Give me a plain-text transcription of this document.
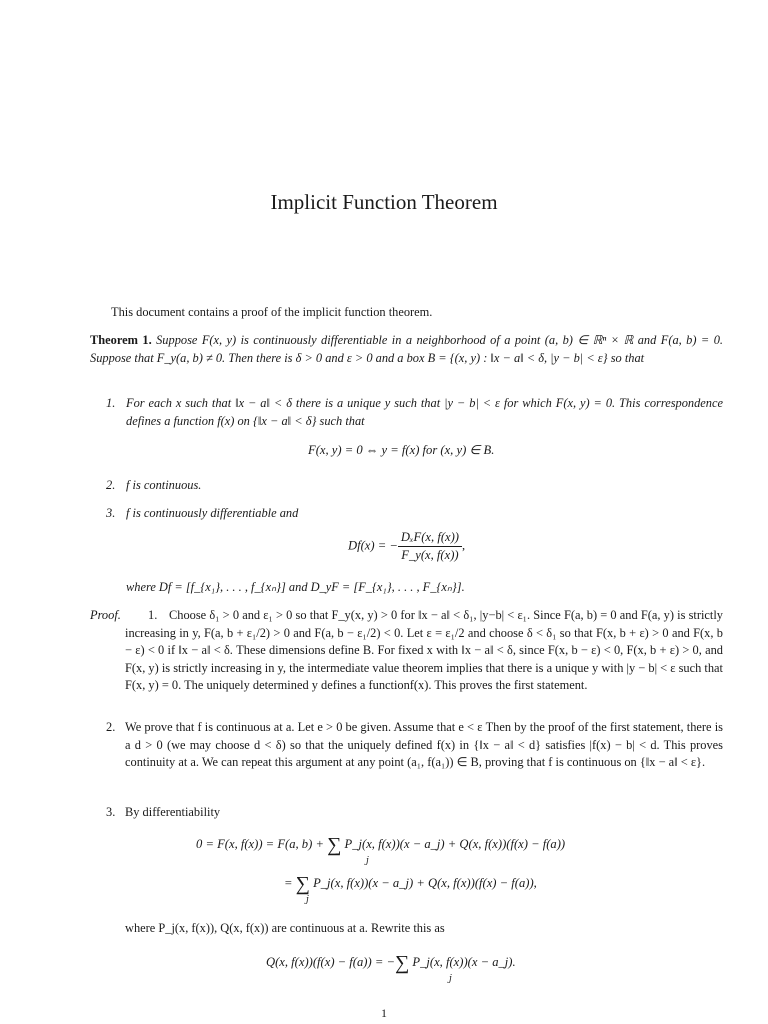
Implicit Function Theorem
This document contains a proof of the implicit function theorem.
Theorem 1. Suppose F(x, y) is continuously differentiable in a neighborhood of a point (a, b) ∈ ℝⁿ × ℝ and F(a, b) = 0. Suppose that F_y(a, b) ≠ 0. Then there is δ > 0 and ε > 0 and a box B = {(x, y) : ‖x − a‖ < δ, |y − b| < ε} so that
1. For each x such that ‖x − a‖ < δ there is a unique y such that |y − b| < ε for which F(x, y) = 0. This correspondence defines a function f(x) on {‖x − a‖ < δ} such that
F(x, y) = 0 ⇔ y = f(x) for (x, y) ∈ B.
2. f is continuous.
3. f is continuously differentiable and
Df(x) = − $\frac{\text{DₓF(x, f(x))}}{F\_y(x, f(x))}$ ,
where Df = [f_{x₁}, . . . , f_{xₙ}] and D_yF = [F_{x₁}, . . . , F_{xₙ}].
Proof. 1. Choose δ₁ > 0 and ε₁ > 0 so that F_y(x, y) > 0 for ‖x − a‖ < δ₁, |y−b| < ε₁. Since F(a, b) = 0 and F(a, y) is strictly increasing in y, F(a, b + ε₁/2) > 0 and F(a, b − ε₁/2) < 0. Let ε = ε₁/2 and choose δ < δ₁ so that F(x, b + ε) > 0 and F(x, b − ε) < 0 if ‖x − a‖ < δ. These dimensions define B. For fixed x with ‖x − a‖ < δ, since F(x, b − ε) < 0, F(x, b + ε) > 0, and F(x, y) is strictly increasing in y, the intermediate value theorem implies that there is a unique y with |y − b| < ε such that F(x, y) = 0. The uniquely determined y defines a functionf(x). This proves the first statement.
2. We prove that f is continuous at a. Let e > 0 be given. Assume that e < ε Then by the proof of the first statement, there is a d > 0 (we may choose d < δ) so that the uniquely defined f(x) in {‖x − a‖ < d} satisfies |f(x) − b| < d. This proves continuity at a. We can repeat this argument at any point (a₁, f(a₁)) ∈ B, proving that f is continuous on {‖x − a‖ < ε}.
3. By differentiability
0 = F(x, f(x)) = F(a, b) + ∑ P_j(x, f(x))(x − a_j) + Q(x, f(x))(f(x) − f(a))
j
= ∑ P_j(x, f(x))(x − a_j) + Q(x, f(x))(f(x) − f(a)),
j
where P_j(x, f(x)), Q(x, f(x)) are continuous at a. Rewrite this as
Q(x, f(x))(f(x) − f(a)) = −∑ P_j(x, f(x))(x − a_j).
j
1
